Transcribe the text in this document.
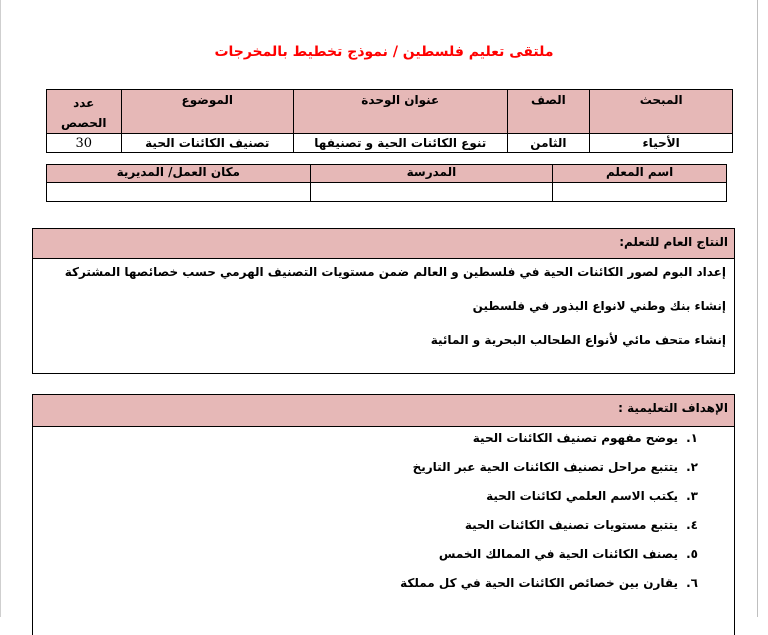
ملتقى تعليم فلسطين / نموذج تخطيط بالمخرجات
المبحث	الصف	عنوان الوحدة	الموضوع	عدد الحصص
الأحياء	الثامن	تنوع الكائنات الحية و تصنيفها	تصنيف الكائنات الحية	30
اسم المعلم	المدرسة	مكان العمل/ المديرية

النتاج العام للتعلم:
إعداد البوم لصور الكائنات الحية في فلسطين و العالم ضمن مستويات التصنيف الهرمي حسب خصائصها المشتركة
إنشاء بنك وطني لانواع البذور في فلسطين
إنشاء متحف مائي لأنواع الطحالب البحرية و المائية
الإهداف التعليمية :
١.يوضح مفهوم تصنيف الكائنات الحية
٢.يتتبع مراحل تصنيف الكائنات الحية عبر التاريخ
٣.يكتب الاسم العلمي لكائنات الحية
٤.يتتبع مستويات تصنيف الكائنات الحية
٥.يصنف الكائنات الحية في الممالك الخمس
٦.يقارن بين خصائص الكائنات الحية في كل مملكة
